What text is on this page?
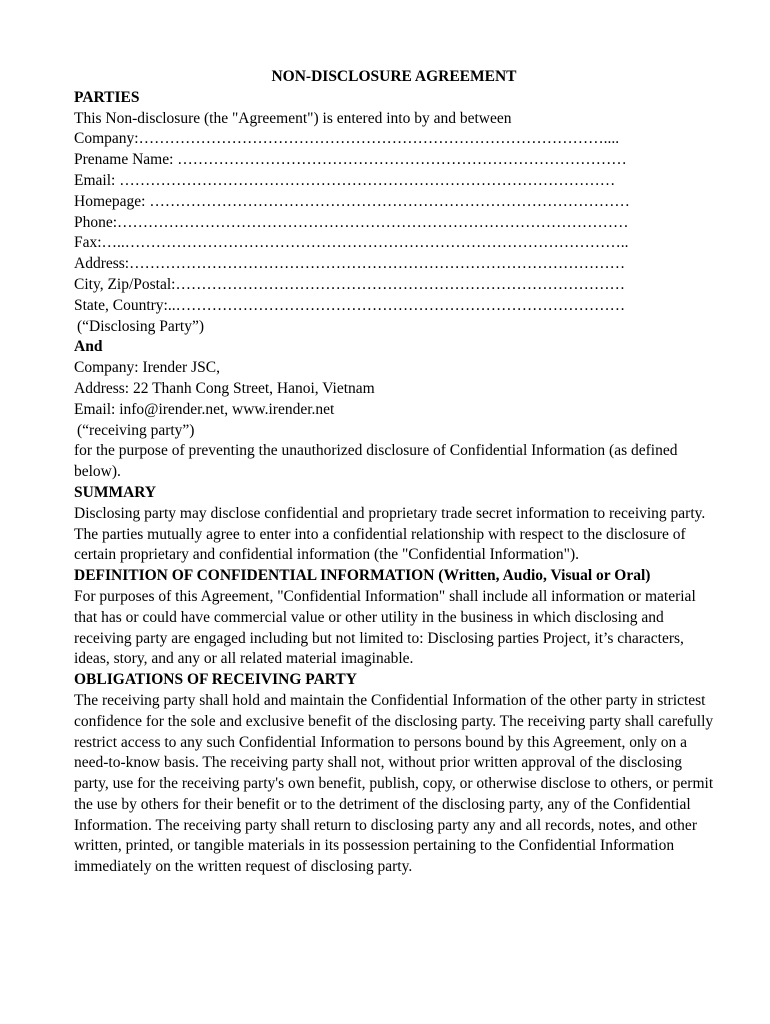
NON-DISCLOSURE AGREEMENT

PARTIES

This Non-disclosure (the "Agreement") is entered into by and between

Company:………………………………………………………………………………....

Prename Name: ……………………………………………………………………………

Email: ……………………………………………………………………………………

Homepage: …………………………………………………………………………………

Phone:………………………………………………………………………………………

Fax:…..……………………………………………………………………………………..

Address:……………………………………………………………………………………

City, Zip/Postal:……………………………………………………………………………

State, Country:..……………………………………………………………………………

(“Disclosing Party”)

And

Company: Irender JSC,

Address: 22 Thanh Cong Street, Hanoi, Vietnam

Email: info@irender.net, www.irender.net

(“receiving party”)

for the purpose of preventing the unauthorized disclosure of Confidential Information (as defined below).

SUMMARY

Disclosing party may disclose confidential and proprietary trade secret information to receiving party. The parties mutually agree to enter into a confidential relationship with respect to the disclosure of certain proprietary and confidential information (the "Confidential Information").

DEFINITION OF CONFIDENTIAL INFORMATION (Written, Audio, Visual or Oral)

For purposes of this Agreement, "Confidential Information" shall include all information or material that has or could have commercial value or other utility in the business in which disclosing and receiving party are engaged including but not limited to: Disclosing parties Project, it’s characters, ideas, story, and any or all related material imaginable.

OBLIGATIONS OF RECEIVING PARTY

The receiving party shall hold and maintain the Confidential Information of the other party in strictest confidence for the sole and exclusive benefit of the disclosing party. The receiving party shall carefully restrict access to any such Confidential Information to persons bound by this Agreement, only on a need-to-know basis. The receiving party shall not, without prior written approval of the disclosing party, use for the receiving party's own benefit, publish, copy, or otherwise disclose to others, or permit the use by others for their benefit or to the detriment of the disclosing party, any of the Confidential Information. The receiving party shall return to disclosing party any and all records, notes, and other written, printed, or tangible materials in its possession pertaining to the Confidential Information immediately on the written request of disclosing party.
